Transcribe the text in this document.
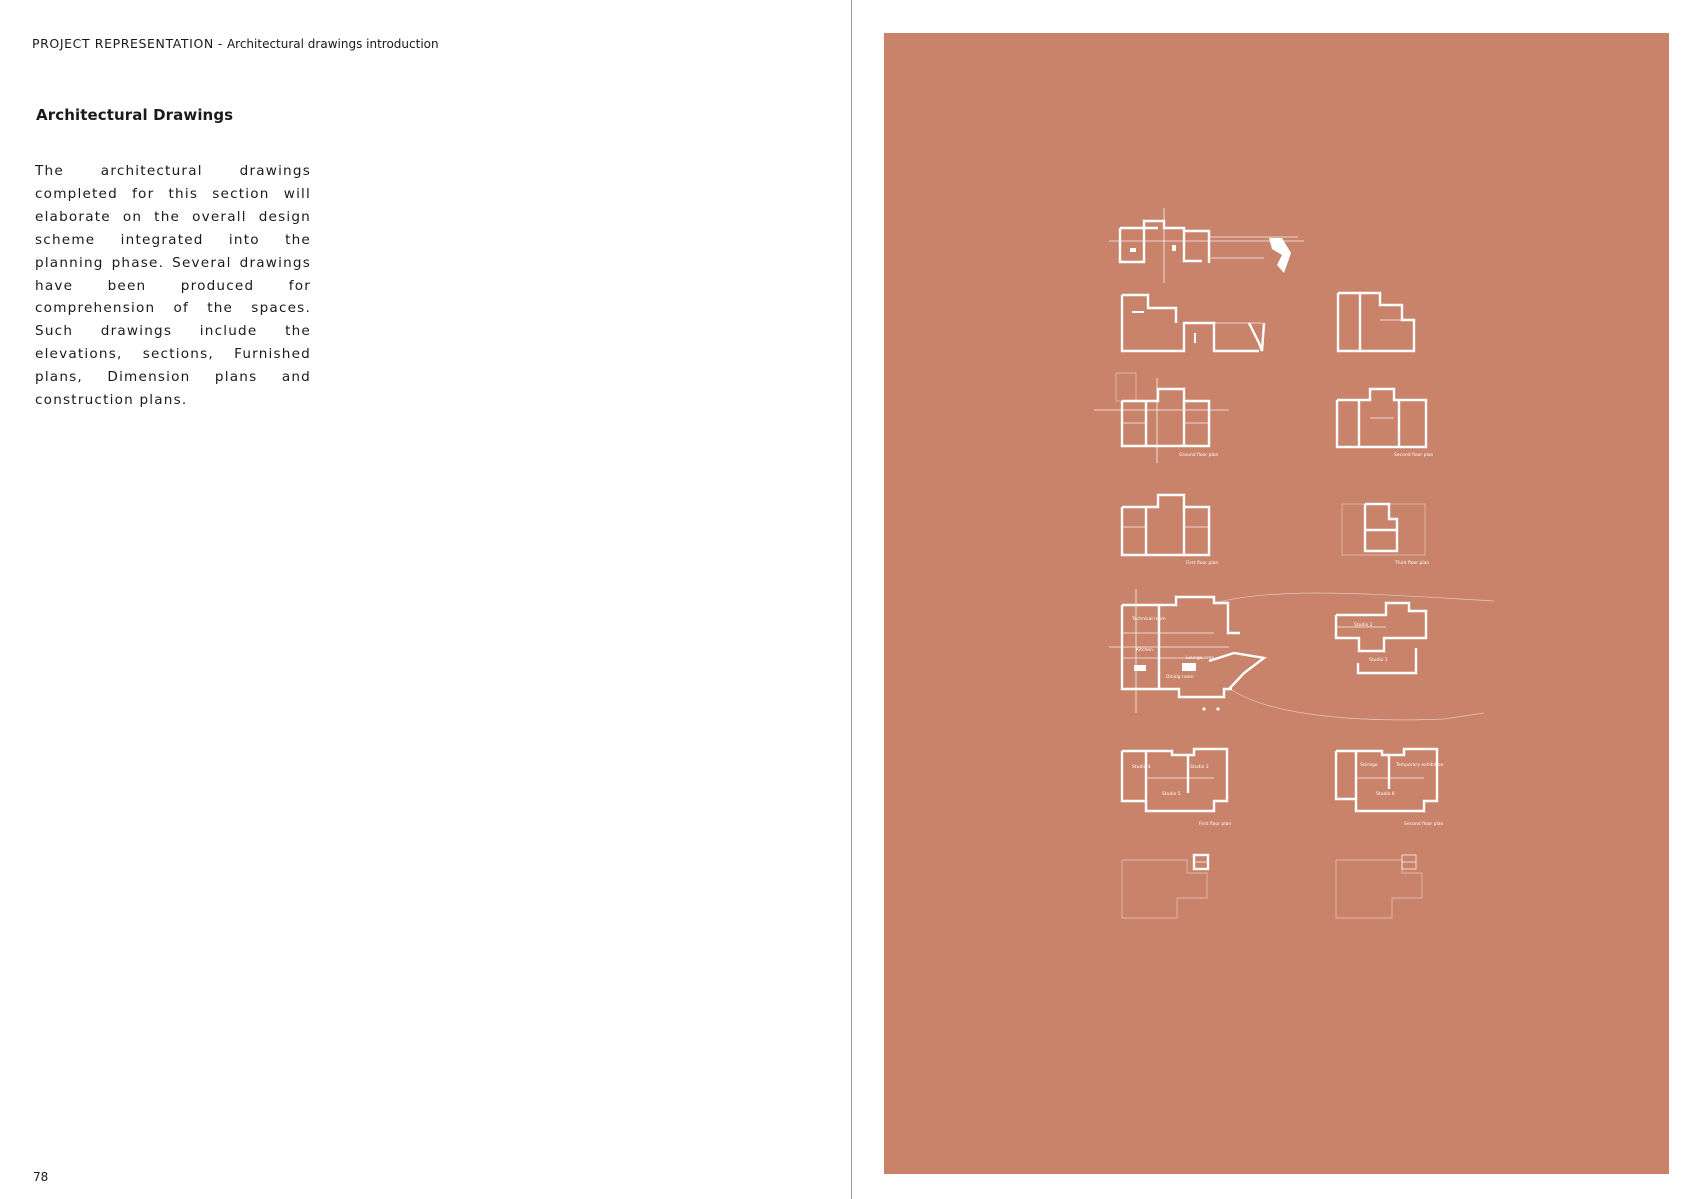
PROJECT REPRESENTATION - Architectural drawings introduction
Architectural Drawings
The architectural drawings completed for this section will elaborate on the overall design scheme integrated into the planning phase. Several drawings have been produced for comprehension of the spaces. Such drawings include the elevations, sections, Furnished plans, Dimension plans and construction plans.
78
Ground floor plan	Second floor plan
First floor plan	Third floor plan
Technical room
Kitchen
Lounge area
Dining room
Studio 2
Studio 1
Studio 4	Studio 3
Studio 5
First floor plan
Storage	Temporary exhibition
Studio 6
Second floor plan
